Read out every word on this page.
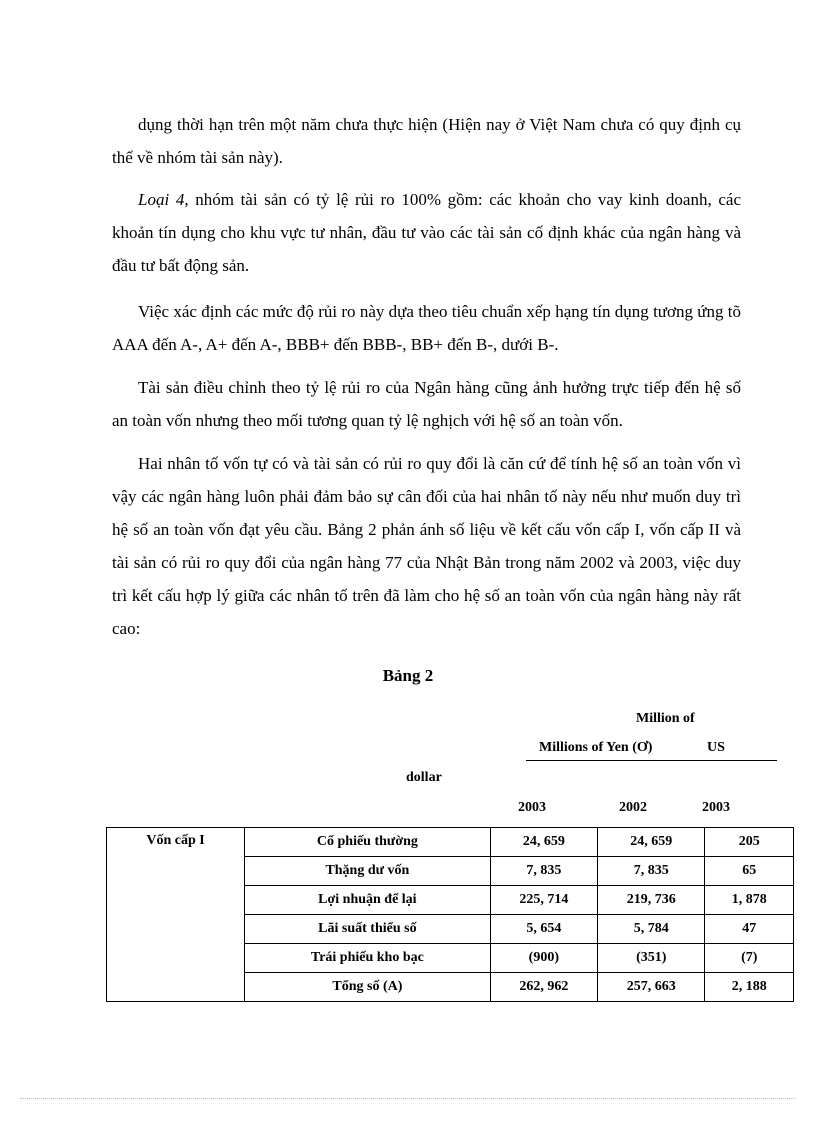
dụng thời hạn trên một năm chưa thực hiện (Hiện nay ở Việt Nam chưa có quy định cụ thể về nhóm tài sản này).

Loại 4, nhóm tài sản có tỷ lệ rủi ro 100% gồm: các khoản cho vay kinh doanh, các khoản tín dụng cho khu vực tư nhân, đầu tư vào các tài sản cố định khác của ngân hàng và đầu tư bất động sản.

Việc xác định các mức độ rủi ro này dựa theo tiêu chuẩn xếp hạng tín dụng tương ứng tõ AAA đến A-, A+ đến A-, BBB+ đến BBB-, BB+ đến B-, dưới B-.

Tài sản điều chỉnh theo tỷ lệ rủi ro của Ngân hàng cũng ảnh hưởng trực tiếp đến hệ số an toàn vốn nhưng theo mối tương quan tỷ lệ nghịch với hệ số an toàn vốn.

Hai nhân tố vốn tự có và tài sản có rủi ro quy đổi là căn cứ để tính hệ số an toàn vốn vì vậy các ngân hàng luôn phải đảm bảo sự cân đối của hai nhân tố này nếu như muốn duy trì hệ số an toàn vốn đạt yêu cầu. Bảng 2 phản ánh số liệu về kết cấu vốn cấp I, vốn cấp II và tài sản có rủi ro quy đổi của ngân hàng 77 của Nhật Bản trong năm 2002 và 2003, việc duy trì kết cấu hợp lý giữa các nhân tố trên đã làm cho hệ số an toàn vốn của ngân hàng này rất cao:

Bảng 2
Million of
Millions of Yen (Ơ)	US
dollar
2003	2002	2003
Vốn cấp I	Cổ phiếu thường	24, 659	24, 659	205
	Thặng dư vốn	7, 835	7, 835	65
	Lợi nhuận để lại	225, 714	219, 736	1, 878
	Lãi suất thiểu số	5, 654	5, 784	47
	Trái phiếu kho bạc	(900)	(351)	(7)
	Tổng số (A)	262, 962	257, 663	2, 188
